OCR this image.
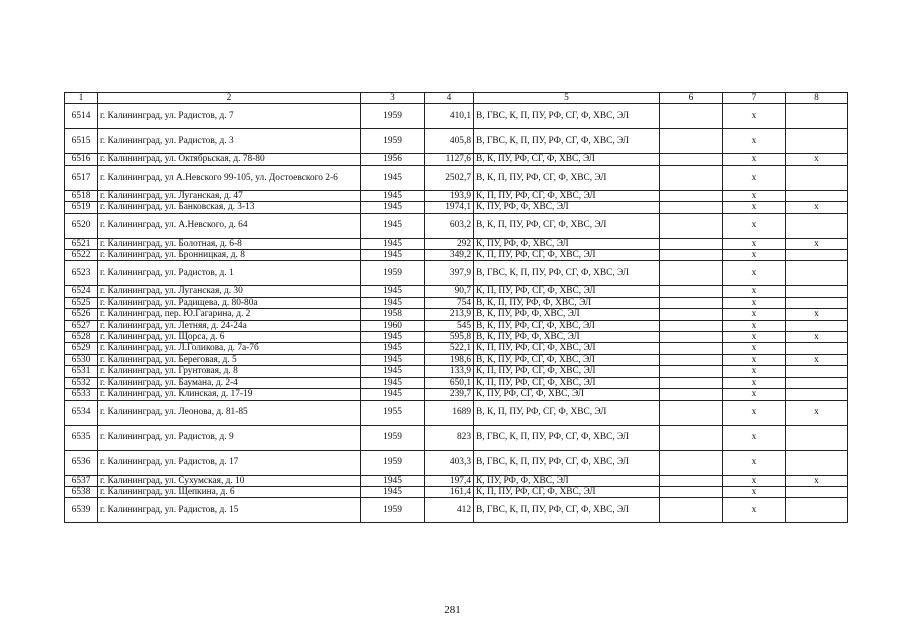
1	2	3	4	5	6	7	8
6514	г. Калининград, ул. Радистов, д. 7	1959	410,1	В, ГВС, К, П, ПУ, РФ, СГ, Ф, ХВС, ЭЛ		х	
6515	г. Калининград, ул. Радистов, д. 3	1959	405,8	В, ГВС, К, П, ПУ, РФ, СГ, Ф, ХВС, ЭЛ		х	
6516	г. Калининград, ул. Октябрьская, д. 78-80	1956	1127,6	В, К, ПУ, РФ, СГ, Ф, ХВС, ЭЛ		х	х
6517	г. Калининград, ул А.Невского 99-105, ул. Достоевского 2-6	1945	2502,7	В, К, П, ПУ, РФ, СГ, Ф, ХВС, ЭЛ		х	
6518	г. Калининград, ул. Луганская, д. 47	1945	193,9	К, П, ПУ, РФ, СГ, Ф, ХВС, ЭЛ		х	
6519	г. Калининград, ул. Банковская, д. 3-13	1945	1974,1	К, ПУ, РФ, Ф, ХВС, ЭЛ		х	х
6520	г. Калининград, ул. А.Невского, д. 64	1945	603,2	В, К, П, ПУ, РФ, СГ, Ф, ХВС, ЭЛ		х	
6521	г. Калининград, ул. Болотная, д. 6-8	1945	292	К, ПУ, РФ, Ф, ХВС, ЭЛ		х	х
6522	г. Калининград, ул. Бронницкая, д. 8	1945	349,2	К, П, ПУ, РФ, СГ, Ф, ХВС, ЭЛ		х	
6523	г. Калининград, ул. Радистов, д. 1	1959	397,9	В, ГВС, К, П, ПУ, РФ, СГ, Ф, ХВС, ЭЛ		х	
6524	г. Калининград, ул. Луганская, д. 30	1945	90,7	К, П, ПУ, РФ, СГ, Ф, ХВС, ЭЛ		х	
6525	г. Калининград, ул. Радищева, д. 80-80а	1945	754	В, К, П, ПУ, РФ, Ф, ХВС, ЭЛ		х	
6526	г. Калининград, пер. Ю.Гагарина, д. 2	1958	213,9	В, К, ПУ, РФ, Ф, ХВС, ЭЛ		х	х
6527	г. Калининград, ул. Летняя, д. 24-24а	1960	545	В, К, ПУ, РФ, СГ, Ф, ХВС, ЭЛ		х	
6528	г. Калининград, ул. Щорса, д. 6	1945	595,8	В, К, ПУ, РФ, Ф, ХВС, ЭЛ		х	х
6529	г. Калининград, ул. Л.Голикова, д. 7а-7б	1945	522,1	К, П, ПУ, РФ, СГ, Ф, ХВС, ЭЛ		х	
6530	г. Калининград, ул. Береговая, д. 5	1945	198,6	В, К, ПУ, РФ, СГ, Ф, ХВС, ЭЛ		х	х
6531	г. Калининград, ул. Грунтовая, д. 8	1945	133,9	К, П, ПУ, РФ, СГ, Ф, ХВС, ЭЛ		х	
6532	г. Калининград, ул. Баумана, д. 2-4	1945	650,1	К, П, ПУ, РФ, СГ, Ф, ХВС, ЭЛ		х	
6533	г. Калининград, ул. Клинская, д. 17-19	1945	239,7	К, ПУ, РФ, СГ, Ф, ХВС, ЭЛ		х	
6534	г. Калининград, ул. Леонова, д. 81-85	1955	1689	В, К, П, ПУ, РФ, СГ, Ф, ХВС, ЭЛ		х	х
6535	г. Калининград, ул. Радистов, д. 9	1959	823	В, ГВС, К, П, ПУ, РФ, СГ, Ф, ХВС, ЭЛ		х	
6536	г. Калининград, ул. Радистов, д. 17	1959	403,3	В, ГВС, К, П, ПУ, РФ, СГ, Ф, ХВС, ЭЛ		х	
6537	г. Калининград, ул. Сухумская, д. 10	1945	197,4	К, ПУ, РФ, Ф, ХВС, ЭЛ		х	х
6538	г. Калининград, ул. Щепкина, д. 6	1945	161,4	К, П, ПУ, РФ, СГ, Ф, ХВС, ЭЛ		х	
6539	г. Калининград, ул. Радистов, д. 15	1959	412	В, ГВС, К, П, ПУ, РФ, СГ, Ф, ХВС, ЭЛ		х	
281
